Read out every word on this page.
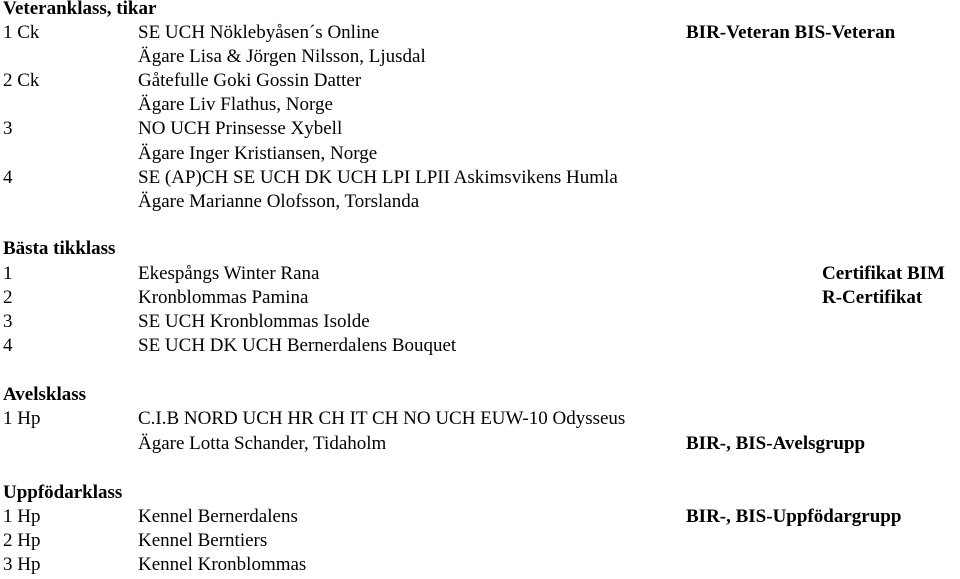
Veteranklass, tikar
1 Ck	SE UCH Nöklebyåsen´s Online	BIR-Veteran BIS-Veteran
Ägare Lisa & Jörgen Nilsson, Ljusdal
2 Ck	Gåtefulle Goki Gossin Datter
Ägare Liv Flathus, Norge
3	NO UCH Prinsesse Xybell
Ägare Inger Kristiansen, Norge
4	SE (AP)CH SE UCH DK UCH LPI LPII Askimsvikens Humla
Ägare Marianne Olofsson, Torslanda
Bästa tikklass
1	Ekespångs Winter Rana	Certifikat BIM
2	Kronblommas Pamina	R-Certifikat
3	SE UCH Kronblommas Isolde
4	SE UCH DK UCH Bernerdalens Bouquet
Avelsklass
1 Hp	C.I.B NORD UCH HR CH IT CH NO UCH EUW-10 Odysseus
Ägare Lotta Schander, Tidaholm	BIR-, BIS-Avelsgrupp
Uppfödarklass
1 Hp	Kennel Bernerdalens	BIR-, BIS-Uppfödargrupp
2 Hp	Kennel Berntiers
3 Hp	Kennel Kronblommas
